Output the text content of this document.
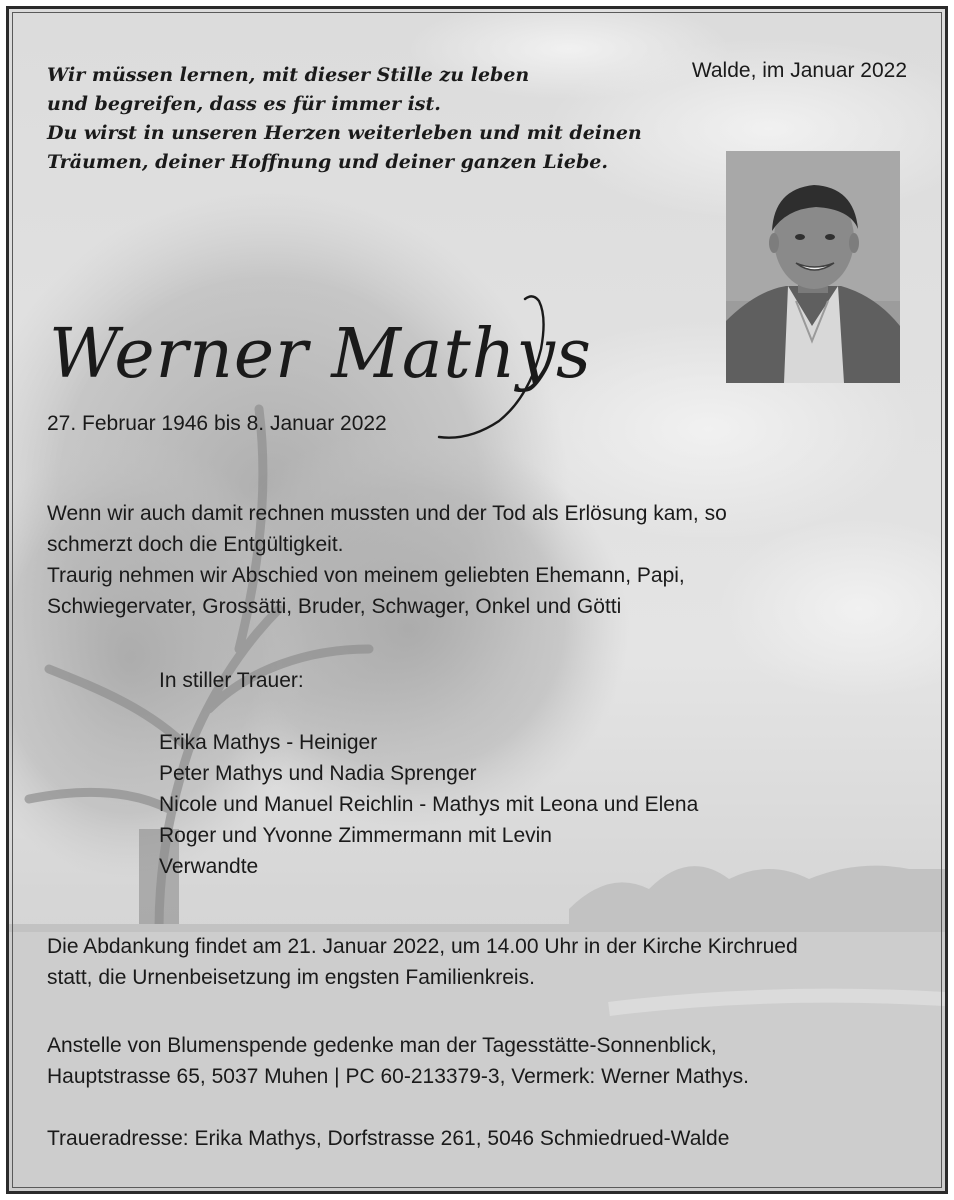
Wir müssen lernen, mit dieser Stille zu leben
und begreifen, dass es für immer ist.
Du wirst in unseren Herzen weiterleben und mit deinen
Träumen, deiner Hoffnung und deiner ganzen Liebe.
Walde, im Januar 2022
Werner Mathys
27. Februar 1946 bis 8. Januar 2022
Wenn wir auch damit rechnen mussten und der Tod als Erlösung kam, so
schmerzt doch die Entgültigkeit.
Traurig nehmen wir Abschied von meinem geliebten Ehemann, Papi,
Schwiegervater, Grossätti, Bruder, Schwager, Onkel und Götti
In stiller Trauer:
Erika Mathys - Heiniger
Peter Mathys und Nadia Sprenger
Nicole und Manuel Reichlin - Mathys mit Leona und Elena
Roger und Yvonne Zimmermann mit Levin
Verwandte
Die Abdankung findet am 21. Januar 2022, um 14.00 Uhr in der Kirche Kirchrued
statt, die Urnenbeisetzung im engsten Familienkreis.
Anstelle von Blumenspende gedenke man der Tagesstätte-Sonnenblick,
Hauptstrasse 65, 5037 Muhen | PC 60-213379-3, Vermerk: Werner Mathys.
Traueradresse: Erika Mathys, Dorfstrasse 261, 5046 Schmiedrued-Walde
